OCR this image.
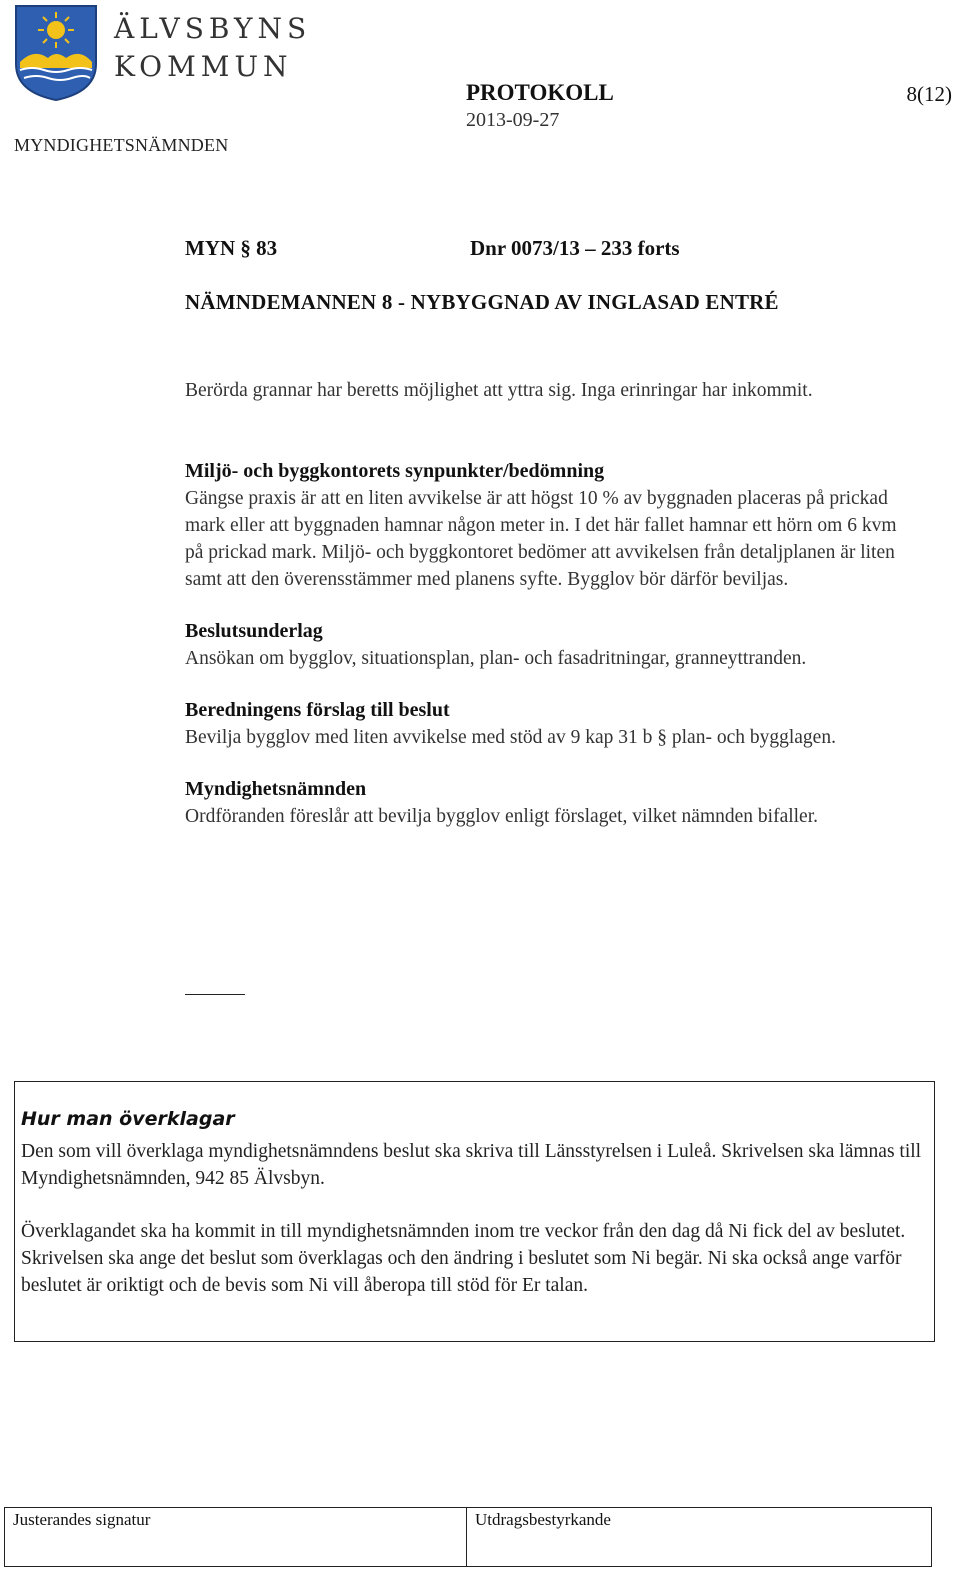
ÄLVSBYNS
KOMMUN
PROTOKOLL
2013-09-27
8(12)
MYNDIGHETSNÄMNDEN
MYN § 83	Dnr 0073/13 – 233 forts
NÄMNDEMANNEN 8 - NYBYGGNAD AV INGLASAD ENTRÉ

Berörda grannar har beretts möjlighet att yttra sig. Inga erinringar har inkommit.

Miljö- och byggkontorets synpunkter/bedömning
Gängse praxis är att en liten avvikelse är att högst 10 % av byggnaden placeras på prickad mark eller att byggnaden hamnar någon meter in. I det här fallet hamnar ett hörn om 6 kvm på prickad mark. Miljö- och byggkontoret bedömer att avvikelsen från detaljplanen är liten samt att den överensstämmer med planens syfte. Bygglov bör därför beviljas.

Beslutsunderlag
Ansökan om bygglov, situationsplan, plan- och fasadritningar, granneyttranden.

Beredningens förslag till beslut
Bevilja bygglov med liten avvikelse med stöd av 9 kap 31 b § plan- och bygglagen.

Myndighetsnämnden
Ordföranden föreslår att bevilja bygglov enligt förslaget, vilket nämnden bifaller.

Hur man överklagar

Den som vill överklaga myndighetsnämndens beslut ska skriva till Länsstyrelsen i Luleå. Skrivelsen ska lämnas till Myndighetsnämnden, 942 85 Älvsbyn.

Överklagandet ska ha kommit in till myndighetsnämnden inom tre veckor från den dag då Ni fick del av beslutet. Skrivelsen ska ange det beslut som överklagas och den ändring i beslutet som Ni begär. Ni ska också ange varför beslutet är oriktigt och de bevis som Ni vill åberopa till stöd för Er talan.

Justerandes signatur	Utdragsbestyrkande
